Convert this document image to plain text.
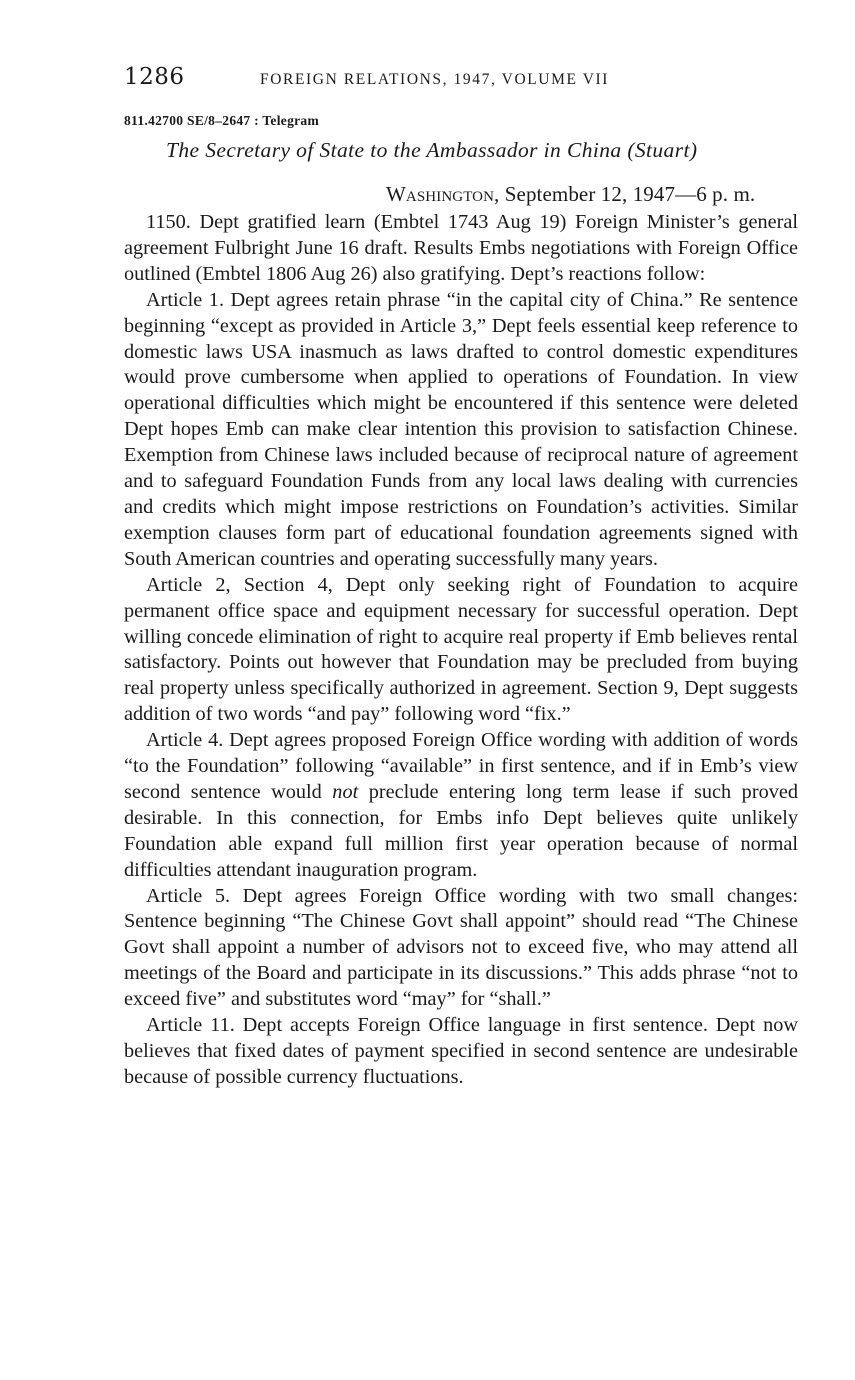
1286	FOREIGN RELATIONS, 1947, VOLUME VII
811.42700 SE/8–2647 : Telegram
The Secretary of State to the Ambassador in China (Stuart)
Washington, September 12, 1947—6 p. m.

1150. Dept gratified learn (Embtel 1743 Aug 19) Foreign Minister’s general agreement Fulbright June 16 draft. Results Embs negotiations with Foreign Office outlined (Embtel 1806 Aug 26) also gratifying. Dept’s reactions follow:

Article 1. Dept agrees retain phrase “in the capital city of China.” Re sentence beginning “except as provided in Article 3,” Dept feels essential keep reference to domestic laws USA inasmuch as laws drafted to control domestic expenditures would prove cumbersome when applied to operations of Foundation. In view operational difficulties which might be encountered if this sentence were deleted Dept hopes Emb can make clear intention this provision to satisfaction Chinese. Exemption from Chinese laws included because of reciprocal nature of agreement and to safeguard Foundation Funds from any local laws dealing with currencies and credits which might impose restrictions on Foundation’s activities. Similar exemption clauses form part of educational foundation agreements signed with South American countries and operating successfully many years.

Article 2, Section 4, Dept only seeking right of Foundation to acquire permanent office space and equipment necessary for successful operation. Dept willing concede elimination of right to acquire real property if Emb believes rental satisfactory. Points out however that Foundation may be precluded from buying real property unless specifically authorized in agreement. Section 9, Dept suggests addition of two words “and pay” following word “fix.”

Article 4. Dept agrees proposed Foreign Office wording with addition of words “to the Foundation” following “available” in first sentence, and if in Emb’s view second sentence would not preclude entering long term lease if such proved desirable. In this connection, for Embs info Dept believes quite unlikely Foundation able expand full million first year operation because of normal difficulties attendant inauguration program.

Article 5. Dept agrees Foreign Office wording with two small changes: Sentence beginning “The Chinese Govt shall appoint” should read “The Chinese Govt shall appoint a number of advisors not to exceed five, who may attend all meetings of the Board and participate in its discussions.” This adds phrase “not to exceed five” and substitutes word “may” for “shall.”

Article 11. Dept accepts Foreign Office language in first sentence. Dept now believes that fixed dates of payment specified in second sentence are undesirable because of possible currency fluctuations.
